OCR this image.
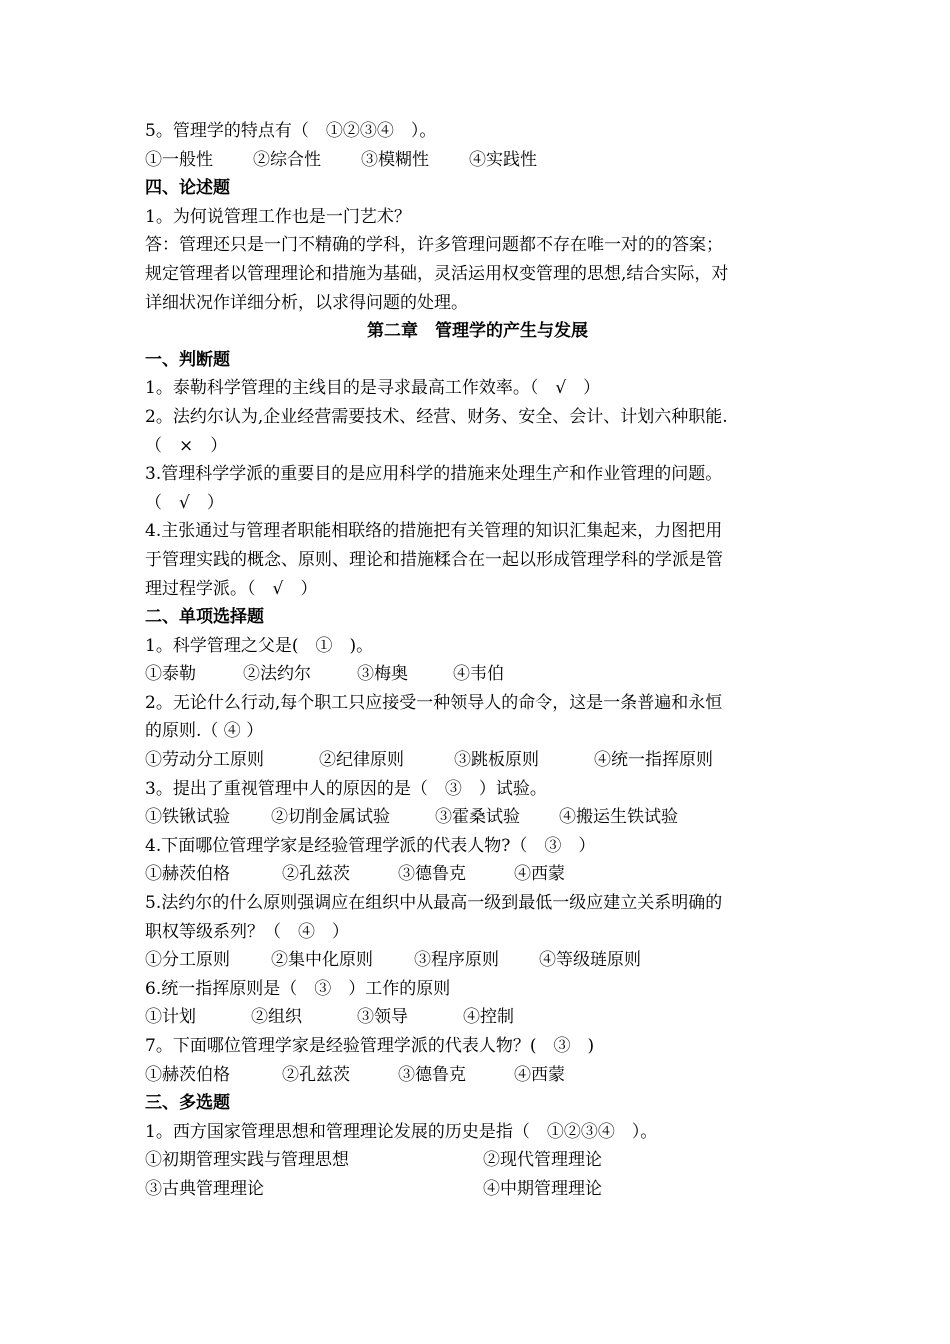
5。管理学的特点有（　①②③④　）。
①一般性 ②综合性 ③模糊性 ④实践性
四、论述题
1。为何说管理工作也是一门艺术？
答：管理还只是一门不精确的学科，许多管理问题都不存在唯一对的的答案；
规定管理者以管理理论和措施为基础，灵活运用权变管理的思想,结合实际，对
详细状况作详细分析，以求得问题的处理。
第二章　管理学的产生与发展
一、判断题
1。泰勒科学管理的主线目的是寻求最高工作效率。（　√　）
2。法约尔认为,企业经营需要技术、经营、财务、安全、会计、计划六种职能.
（　×　）
3.管理科学学派的重要目的是应用科学的措施来处理生产和作业管理的问题。
（　√　）
4.主张通过与管理者职能相联络的措施把有关管理的知识汇集起来，力图把用
于管理实践的概念、原则、理论和措施糅合在一起以形成管理学科的学派是管
理过程学派。（　√　）
二、单项选择题
1。科学管理之父是(　①　)。
①泰勒	②法约尔	③梅奥	④韦伯
2。无论什么行动,每个职工只应接受一种领导人的命令，这是一条普遍和永恒
的原则.（ ④ ）
①劳动分工原则	②纪律原则	③跳板原则	④统一指挥原则
3。提出了重视管理中人的原因的是（　③　）试验。
①铁锹试验 ②切削金属试验	③霍桑试验 ④搬运生铁试验
4.下面哪位管理学家是经验管理学派的代表人物?（　③　）
①赫茨伯格	②孔兹茨	③德鲁克	④西蒙
5.法约尔的什么原则强调应在组织中从最高一级到最低一级应建立关系明确的
职权等级系列？（　④　）
①分工原则 ②集中化原则 ③程序原则 ④等级琏原则
6.统一指挥原则是（　③　）工作的原则
①计划	②组织	③领导	④控制
7。下面哪位管理学家是经验管理学派的代表人物？(　③　)
①赫茨伯格	②孔兹茨	③德鲁克	④西蒙
三、多选题
1。西方国家管理思想和管理理论发展的历史是指（　①②③④　）。
①初期管理实践与管理思想	②现代管理理论
③古典管理理论	④中期管理理论
